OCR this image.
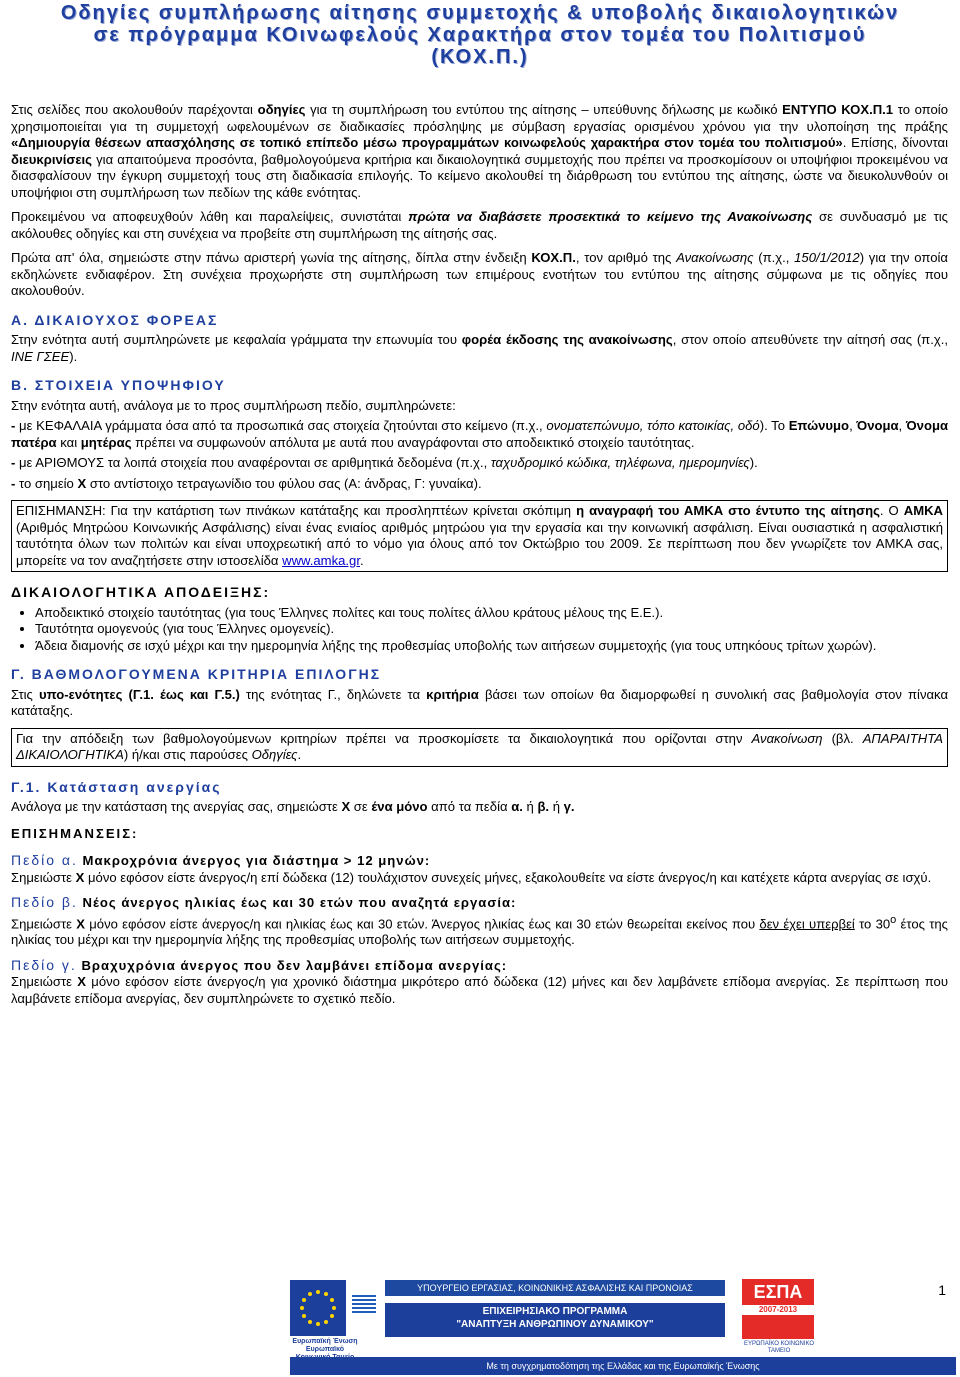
Οδηγίες συμπλήρωσης αίτησης συμμετοχής & υποβολής δικαιολογητικών
σε πρόγραμμα ΚΟινωφελούς Χαρακτήρα στον τομέα του Πολιτισμού
(ΚΟΧ.Π.)

Στις σελίδες που ακολουθούν παρέχονται οδηγίες για τη συμπλήρωση του εντύπου της αίτησης – υπεύθυνης δήλωσης με κωδικό ΕΝΤΥΠΟ ΚΟΧ.Π.1 το οποίο χρησιμοποιείται για τη συμμετοχή ωφελουμένων σε διαδικασίες πρόσληψης με σύμβαση εργασίας ορισμένου χρόνου για την υλοποίηση της πράξης «Δημιουργία θέσεων απασχόλησης σε τοπικό επίπεδο μέσω προγραμμάτων κοινωφελούς χαρακτήρα στον τομέα του πολιτισμού». Επίσης, δίνονται διευκρινίσεις για απαιτούμενα προσόντα, βαθμολογούμενα κριτήρια και δικαιολογητικά συμμετοχής που πρέπει να προσκομίσουν οι υποψήφιοι προκειμένου να διασφαλίσουν την έγκυρη συμμετοχή τους στη διαδικασία επιλογής. Το κείμενο ακολουθεί τη διάρθρωση του εντύπου της αίτησης, ώστε να διευκολυνθούν οι υποψήφιοι στη συμπλήρωση των πεδίων της κάθε ενότητας.

Προκειμένου να αποφευχθούν λάθη και παραλείψεις, συνιστάται πρώτα να διαβάσετε προσεκτικά το κείμενο της Ανακοίνωσης σε συνδυασμό με τις ακόλουθες οδηγίες και στη συνέχεια να προβείτε στη συμπλήρωση της αίτησής σας.

Πρώτα απ' όλα, σημειώστε στην πάνω αριστερή γωνία της αίτησης, δίπλα στην ένδειξη ΚΟΧ.Π., τον αριθμό της Ανακοίνωσης (π.χ., 150/1/2012) για την οποία εκδηλώνετε ενδιαφέρον. Στη συνέχεια προχωρήστε στη συμπλήρωση των επιμέρους ενοτήτων του εντύπου της αίτησης σύμφωνα με τις οδηγίες που ακολουθούν.

Α. ΔΙΚΑΙΟΥΧΟΣ ΦΟΡΕΑΣ

Στην ενότητα αυτή συμπληρώνετε με κεφαλαία γράμματα την επωνυμία του φορέα έκδοσης της ανακοίνωσης, στον οποίο απευθύνετε την αίτησή σας (π.χ., ΙΝΕ ΓΣΕΕ).

Β. ΣΤΟΙΧΕΙΑ ΥΠΟΨΗΦΙΟΥ

Στην ενότητα αυτή, ανάλογα με το προς συμπλήρωση πεδίο, συμπληρώνετε:

- με ΚΕΦΑΛΑΙΑ γράμματα όσα από τα προσωπικά σας στοιχεία ζητούνται στο κείμενο (π.χ., ονοματεπώνυμο, τόπο κατοικίας, οδό). Το Επώνυμο, Όνομα, Όνομα πατέρα και μητέρας πρέπει να συμφωνούν απόλυτα με αυτά που αναγράφονται στο αποδεικτικό στοιχείο ταυτότητας.

- με ΑΡΙΘΜΟΥΣ τα λοιπά στοιχεία που αναφέρονται σε αριθμητικά δεδομένα (π.χ., ταχυδρομικό κώδικα, τηλέφωνα, ημερομηνίες).

- το σημείο Χ στο αντίστοιχο τετραγωνίδιο του φύλου σας (Α: άνδρας, Γ: γυναίκα).

ΕΠΙΣΗΜΑΝΣΗ: Για την κατάρτιση των πινάκων κατάταξης και προσληπτέων κρίνεται σκόπιμη η αναγραφή του ΑΜΚΑ στο έντυπο της αίτησης. Ο ΑΜΚΑ (Αριθμός Μητρώου Κοινωνικής Ασφάλισης) είναι ένας ενιαίος αριθμός μητρώου για την εργασία και την κοινωνική ασφάλιση. Είναι ουσιαστικά η ασφαλιστική ταυτότητα όλων των πολιτών και είναι υποχρεωτική από το νόμο για όλους από τον Οκτώβριο του 2009. Σε περίπτωση που δεν γνωρίζετε τον ΑΜΚΑ σας, μπορείτε να τον αναζητήσετε στην ιστοσελίδα www.amka.gr.
ΔΙΚΑΙΟΛΟΓΗΤΙΚΑ ΑΠΟΔΕΙΞΗΣ:
• Αποδεικτικό στοιχείο ταυτότητας (για τους Έλληνες πολίτες και τους πολίτες άλλου κράτους μέλους της Ε.Ε.).
• Ταυτότητα ομογενούς (για τους Έλληνες ομογενείς).
• Άδεια διαμονής σε ισχύ μέχρι και την ημερομηνία λήξης της προθεσμίας υποβολής των αιτήσεων συμμετοχής (για τους υπηκόους τρίτων χωρών).
Γ. ΒΑΘΜΟΛΟΓΟΥΜΕΝΑ ΚΡΙΤΗΡΙΑ ΕΠΙΛΟΓΗΣ

Στις υπο-ενότητες (Γ.1. έως και Γ.5.) της ενότητας Γ., δηλώνετε τα κριτήρια βάσει των οποίων θα διαμορφωθεί η συνολική σας βαθμολογία στον πίνακα κατάταξης.

Για την απόδειξη των βαθμολογούμενων κριτηρίων πρέπει να προσκομίσετε τα δικαιολογητικά που ορίζονται στην Ανακοίνωση (βλ. ΑΠΑΡΑΙΤΗΤΑ ΔΙΚΑΙΟΛΟΓΗΤΙΚΑ) ή/και στις παρούσες Οδηγίες.
Γ.1. Κατάσταση ανεργίας

Ανάλογα με την κατάσταση της ανεργίας σας, σημειώστε Χ σε ένα μόνο από τα πεδία α. ή β. ή γ.

ΕΠΙΣΗΜΑΝΣΕΙΣ:
Πεδίο α. Μακροχρόνια άνεργος για διάστημα > 12 μηνών:

Σημειώστε Χ μόνο εφόσον είστε άνεργος/η επί δώδεκα (12) τουλάχιστον συνεχείς μήνες, εξακολουθείτε να είστε άνεργος/η και κατέχετε κάρτα ανεργίας σε ισχύ.

Πεδίο β. Νέος άνεργος ηλικίας έως και 30 ετών που αναζητά εργασία:

Σημειώστε Χ μόνο εφόσον είστε άνεργος/η και ηλικίας έως και 30 ετών. Άνεργος ηλικίας έως και 30 ετών θεωρείται εκείνος που δεν έχει υπερβεί το $30^o$ έτος της ηλικίας του μέχρι και την ημερομηνία λήξης της προθεσμίας υποβολής των αιτήσεων συμμετοχής.

Πεδίο γ. Βραχυχρόνια άνεργος που δεν λαμβάνει επίδομα ανεργίας:

Σημειώστε Χ μόνο εφόσον είστε άνεργος/η για χρονικό διάστημα μικρότερο από δώδεκα (12) μήνες και δεν λαμβάνετε επίδομα ανεργίας. Σε περίπτωση που λαμβάνετε επίδομα ανεργίας, δεν συμπληρώνετε το σχετικό πεδίο.

1
Ευρωπαϊκή Ένωση Ευρωπαϊκό
ΥΠΟΥΡΓΕΙΟ ΕΡΓΑΣΙΑΣ, ΚΟΙΝΩΝΙΚΗΣ ΑΣΦΑΛΙΣΗΣ ΚΑΙ ΠΡΟΝΟΙΑΣ
ΕΠΙΧΕΙΡΗΣΙΑΚΟ ΠΡΟΓΡΑΜΜΑ
"ΑΝΑΠΤΥΞΗ ΑΝΘΡΩΠΙΝΟΥ ΔΥΝΑΜΙΚΟΥ"
ΕΣΠΑ
2007-2013
ΕΥΡΩΠΑΪΚΟ ΚΟΙΝΩΝΙΚΟ ΤΑΜΕΙΟ
Με τη συγχρηματοδότηση της Ελλάδας και της Ευρωπαϊκής Ένωσης
